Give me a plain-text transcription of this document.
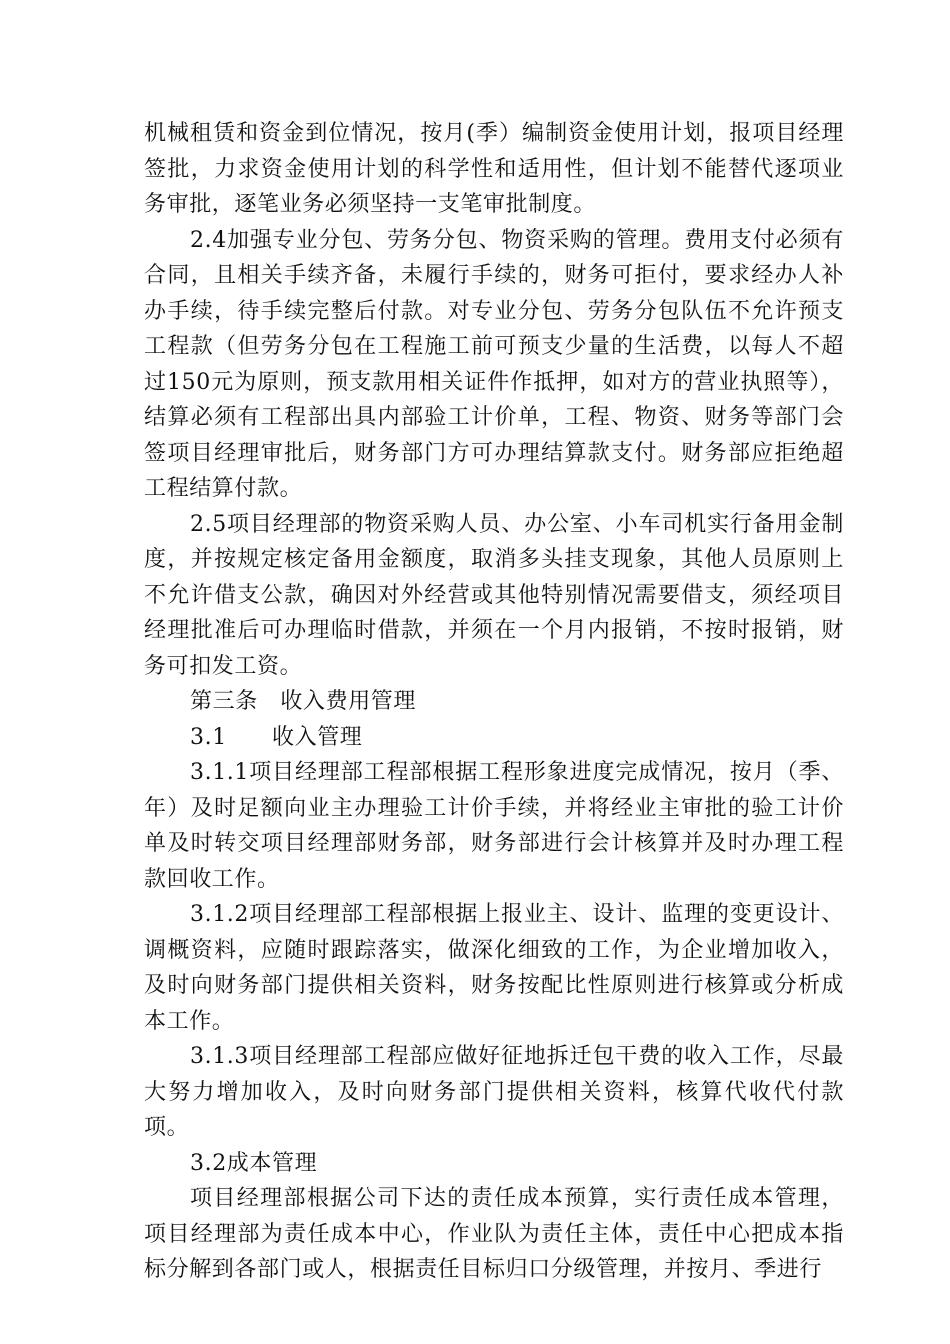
机械租赁和资金到位情况，按月(季）编制资金使用计划，报项目经理签批，力求资金使用计划的科学性和适用性，但计划不能替代逐项业务审批，逐笔业务必须坚持一支笔审批制度。

2.4加强专业分包、劳务分包、物资采购的管理。费用支付必须有合同，且相关手续齐备，未履行手续的，财务可拒付，要求经办人补办手续，待手续完整后付款。对专业分包、劳务分包队伍不允许预支工程款（但劳务分包在工程施工前可预支少量的生活费，以每人不超过150元为原则，预支款用相关证件作抵押，如对方的营业执照等），结算必须有工程部出具内部验工计价单，工程、物资、财务等部门会签项目经理审批后，财务部门方可办理结算款支付。财务部应拒绝超工程结算付款。

2.5项目经理部的物资采购人员、办公室、小车司机实行备用金制度，并按规定核定备用金额度，取消多头挂支现象，其他人员原则上不允许借支公款，确因对外经营或其他特别情况需要借支，须经项目经理批准后可办理临时借款，并须在一个月内报销，不按时报销，财务可扣发工资。

第三条　收入费用管理

3.1　　收入管理

3.1.1项目经理部工程部根据工程形象进度完成情况，按月（季、年）及时足额向业主办理验工计价手续，并将经业主审批的验工计价单及时转交项目经理部财务部，财务部进行会计核算并及时办理工程款回收工作。

3.1.2项目经理部工程部根据上报业主、设计、监理的变更设计、调概资料，应随时跟踪落实，做深化细致的工作，为企业增加收入，及时向财务部门提供相关资料，财务按配比性原则进行核算或分析成本工作。

3.1.3项目经理部工程部应做好征地拆迁包干费的收入工作，尽最大努力增加收入，及时向财务部门提供相关资料，核算代收代付款项。

3.2成本管理

项目经理部根据公司下达的责任成本预算，实行责任成本管理，项目经理部为责任成本中心，作业队为责任主体，责任中心把成本指标分解到各部门或人，根据责任目标归口分级管理，并按月、季进行
